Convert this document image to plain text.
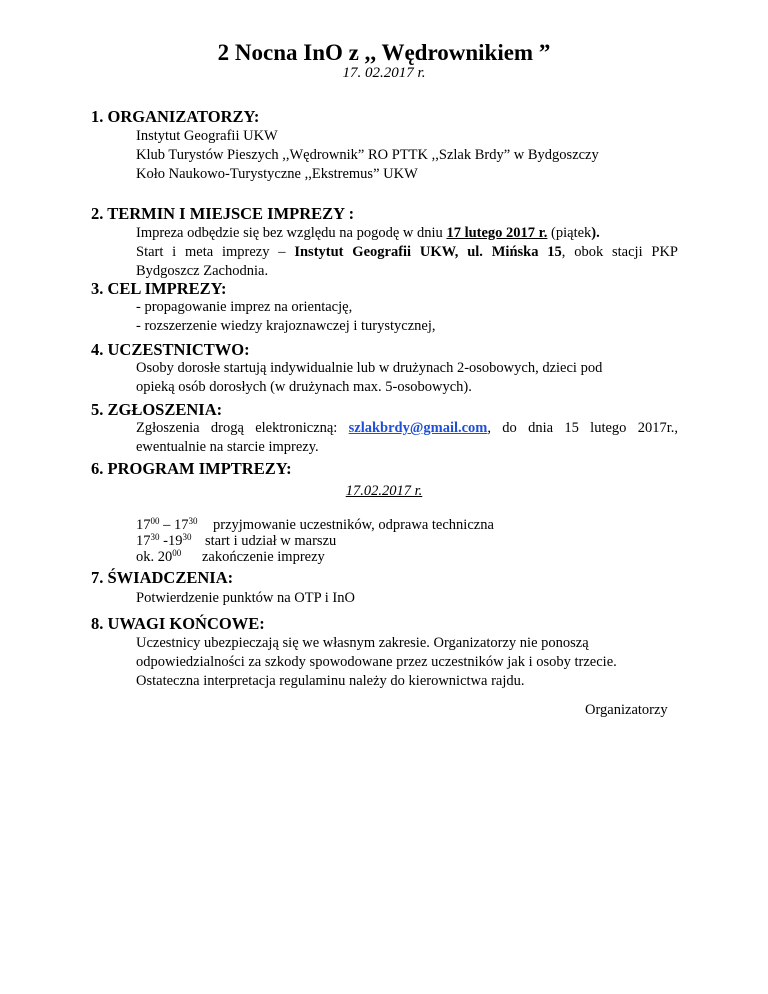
2 Nocna InO z ,, Wędrownikiem ”
17. 02.2017 r.
1. ORGANIZATORZY:
Instytut Geografii UKW
Klub Turystów Pieszych ,,Wędrownik” RO PTTK ,,Szlak Brdy” w Bydgoszczy
Koło Naukowo-Turystyczne ,,Ekstremus” UKW
2. TERMIN I MIEJSCE IMPREZY :
Impreza odbędzie się bez względu na pogodę w dniu 17 lutego 2017 r. (piątek).
Start i meta imprezy – Instytut Geografii UKW, ul. Mińska 15, obok stacji PKP
Bydgoszcz Zachodnia.
3. CEL IMPREZY:
- propagowanie imprez na orientację,
- rozszerzenie wiedzy krajoznawczej i turystycznej,
4. UCZESTNICTWO:
Osoby dorosłe startują indywidualnie lub w drużynach 2-osobowych, dzieci pod
opieką osób dorosłych (w drużynach max. 5-osobowych).
5. ZGŁOSZENIA:
Zgłoszenia drogą elektroniczną: szlakbrdy@gmail.com, do dnia 15 lutego 2017r.,
ewentualnie na starcie imprezy.
6. PROGRAM IMPTREZY:
17.02.2017 r.
$17^{00} - 17^{30}$ przyjmowanie uczestników, odprawa techniczna
$17^{30}$ $-19^{30}$ start i udział w marszu
ok. $20^{00}$ zakończenie imprezy
7. ŚWIADCZENIA:
Potwierdzenie punktów na OTP i InO
8. UWAGI KOŃCOWE:
Uczestnicy ubezpieczają się we własnym zakresie. Organizatorzy nie ponoszą
odpowiedzialności za szkody spowodowane przez uczestników jak i osoby trzecie.
Ostateczna interpretacja regulaminu należy do kierownictwa rajdu.
Organizatorzy
